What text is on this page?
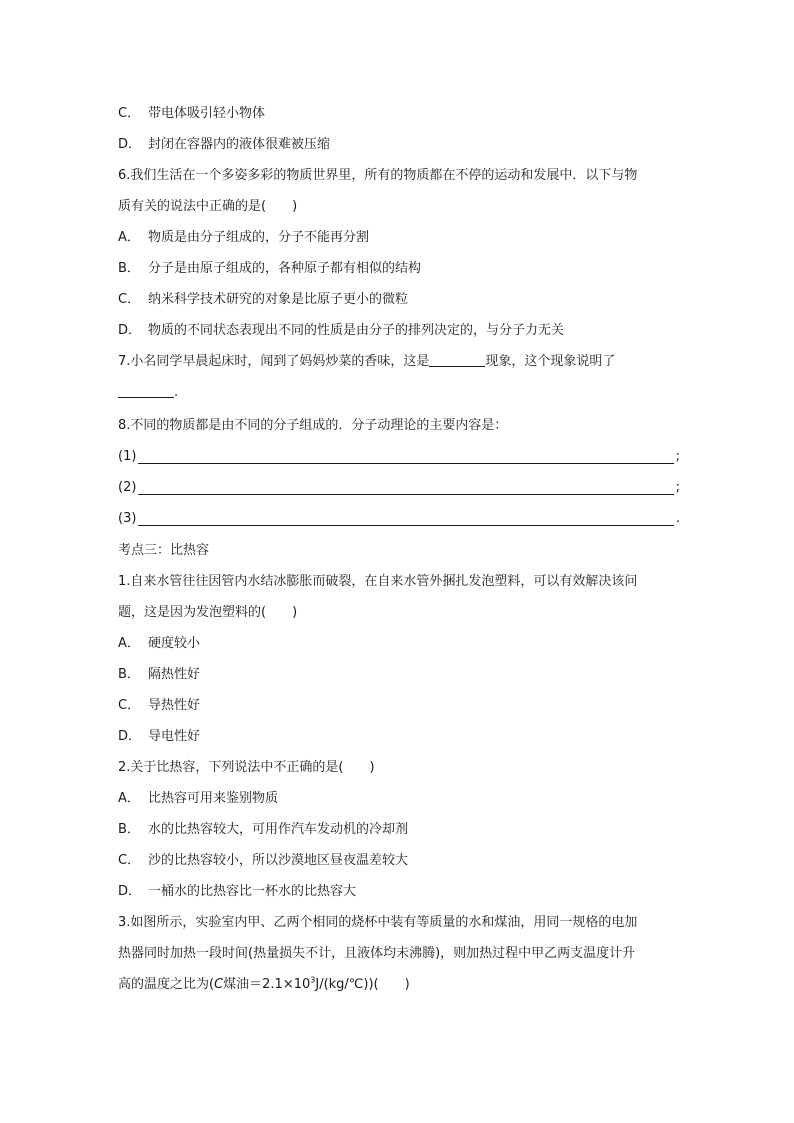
C． 带电体吸引轻小物体
D． 封闭在容器内的液体很难被压缩
6.我们生活在一个多姿多彩的物质世界里，所有的物质都在不停的运动和发展中．以下与物
质有关的说法中正确的是(　　)
A． 物质是由分子组成的，分子不能再分割
B． 分子是由原子组成的，各种原子都有相似的结构
C． 纳米科学技术研究的对象是比原子更小的微粒
D． 物质的不同状态表现出不同的性质是由分子的排列决定的，与分子力无关
7.小名同学早晨起床时，闻到了妈妈炒菜的香味，这是	现象，这个现象说明了
.
8.不同的物质都是由不同的分子组成的．分子动理论的主要内容是：
(1)	;
(2)	;
(3)	.
考点三：比热容
1.自来水管往往因管内水结冰膨胀而破裂，在自来水管外捆扎发泡塑料，可以有效解决该问
题，这是因为发泡塑料的(　　)
A． 硬度较小
B． 隔热性好
C． 导热性好
D． 导电性好
2.关于比热容，下列说法中不正确的是(　　)
A． 比热容可用来鉴别物质
B． 水的比热容较大，可用作汽车发动机的冷却剂
C． 沙的比热容较小，所以沙漠地区昼夜温差较大
D． 一桶水的比热容比一杯水的比热容大
3.如图所示，实验室内甲、乙两个相同的烧杯中装有等质量的水和煤油，用同一规格的电加
热器同时加热一段时间(热量损失不计，且液体均未沸腾)，则加热过程中甲乙两支温度计升
高的温度之比为(C煤油$=2.1\times 10^3J/(kg/℃)$)(　　)
